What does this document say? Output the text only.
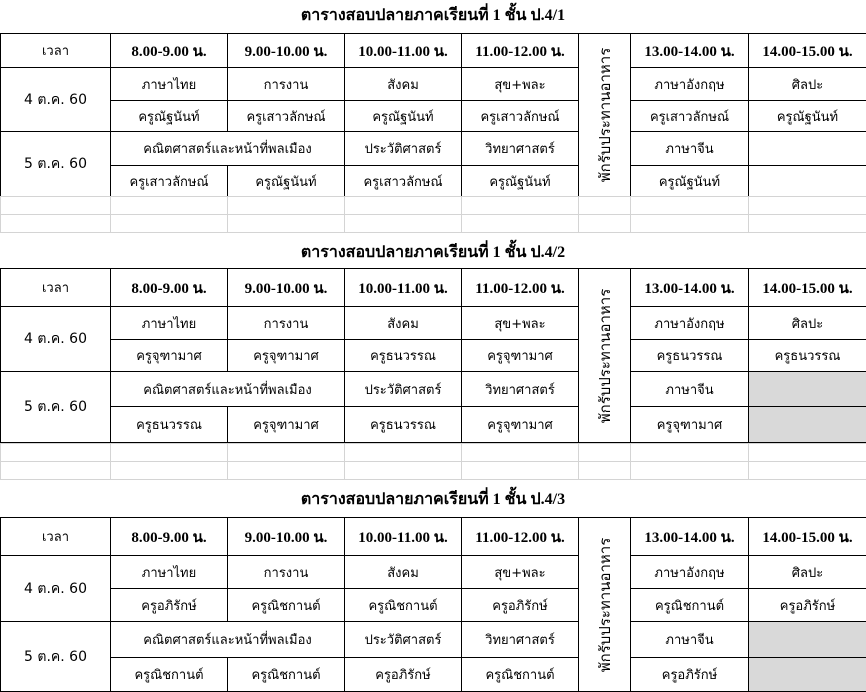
ตารางสอบปลายภาคเรียนที่ 1 ชั้น ป.4/1
เวลา	8.00-9.00 น.	9.00-10.00 น.	10.00-11.00 น.	11.00-12.00 น.	พักรับประทานอาหาร	13.00-14.00 น.	14.00-15.00 น.
4 ต.ค. 60	ภาษาไทย	การงาน	สังคม	สุข+พละ		ภาษาอังกฤษ	ศิลปะ
	ครูณัฐนันท์	ครูเสาวลักษณ์	ครูณัฐนันท์	ครูเสาวลักษณ์		ครูเสาวลักษณ์	ครูณัฐนันท์
5 ต.ค. 60	คณิตศาสตร์และหน้าที่พลเมือง		ประวัติศาสตร์	วิทยาศาสตร์		ภาษาจีน	
	ครูเสาวลักษณ์	ครูณัฐนันท์	ครูเสาวลักษณ์	ครูณัฐนันท์		ครูณัฐนันท์	

ตารางสอบปลายภาคเรียนที่ 1 ชั้น ป.4/2
เวลา	8.00-9.00 น.	9.00-10.00 น.	10.00-11.00 น.	11.00-12.00 น.	พักรับประทานอาหาร	13.00-14.00 น.	14.00-15.00 น.
4 ต.ค. 60	ภาษาไทย	การงาน	สังคม	สุข+พละ		ภาษาอังกฤษ	ศิลปะ
	ครูจุฑามาศ	ครูจุฑามาศ	ครูธนวรรณ	ครูจุฑามาศ		ครูธนวรรณ	ครูธนวรรณ
5 ต.ค. 60	คณิตศาสตร์และหน้าที่พลเมือง		ประวัติศาสตร์	วิทยาศาสตร์		ภาษาจีน	
	ครูธนวรรณ	ครูจุฑามาศ	ครูธนวรรณ	ครูจุฑามาศ		ครูจุฑามาศ	

ตารางสอบปลายภาคเรียนที่ 1 ชั้น ป.4/3
เวลา	8.00-9.00 น.	9.00-10.00 น.	10.00-11.00 น.	11.00-12.00 น.	พักรับประทานอาหาร	13.00-14.00 น.	14.00-15.00 น.
4 ต.ค. 60	ภาษาไทย	การงาน	สังคม	สุข+พละ		ภาษาอังกฤษ	ศิลปะ
	ครูอภิรักษ์	ครูณิชกานต์	ครูณิชกานต์	ครูอภิรักษ์		ครูณิชกานต์	ครูอภิรักษ์
5 ต.ค. 60	คณิตศาสตร์และหน้าที่พลเมือง		ประวัติศาสตร์	วิทยาศาสตร์		ภาษาจีน	
	ครูณิชกานต์	ครูณิชกานต์	ครูอภิรักษ์	ครูณิชกานต์		ครูอภิรักษ์	
